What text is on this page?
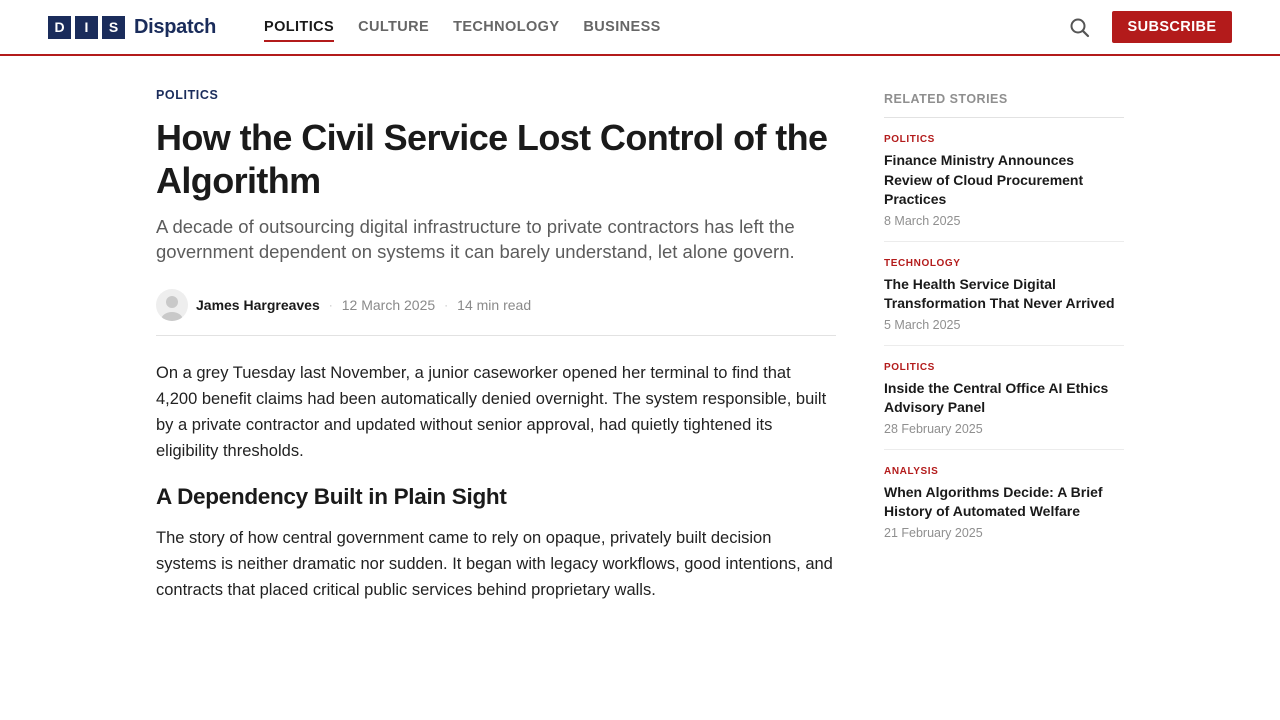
D	I	S Dispatch	POLITICS CULTURE TECHNOLOGY BUSINESS	SUBSCRIBE
POLITICS
How the Civil Service Lost Control of the Algorithm

A decade of outsourcing digital infrastructure to private contractors has left the government dependent on systems it can barely understand, let alone govern.

James Hargreaves · 12 March 2025 · 14 min read

On a grey Tuesday last November, a junior caseworker opened her terminal to find that 4,200 benefit claims had been automatically denied overnight. The system responsible, built by a private contractor and updated without senior approval, had quietly tightened its eligibility thresholds.

A Dependency Built in Plain Sight

The story of how central government came to rely on opaque, privately built decision systems is neither dramatic nor sudden. It began with legacy workflows, good intentions, and contracts that placed critical public services behind proprietary walls.

RELATED STORIES
POLITICS
Finance Ministry Announces Review of Cloud Procurement Practices
8 March 2025
TECHNOLOGY
The Health Service Digital Transformation That Never Arrived
5 March 2025
POLITICS
Inside the Central Office AI Ethics Advisory Panel
28 February 2025
ANALYSIS
When Algorithms Decide: A Brief History of Automated Welfare
21 February 2025
